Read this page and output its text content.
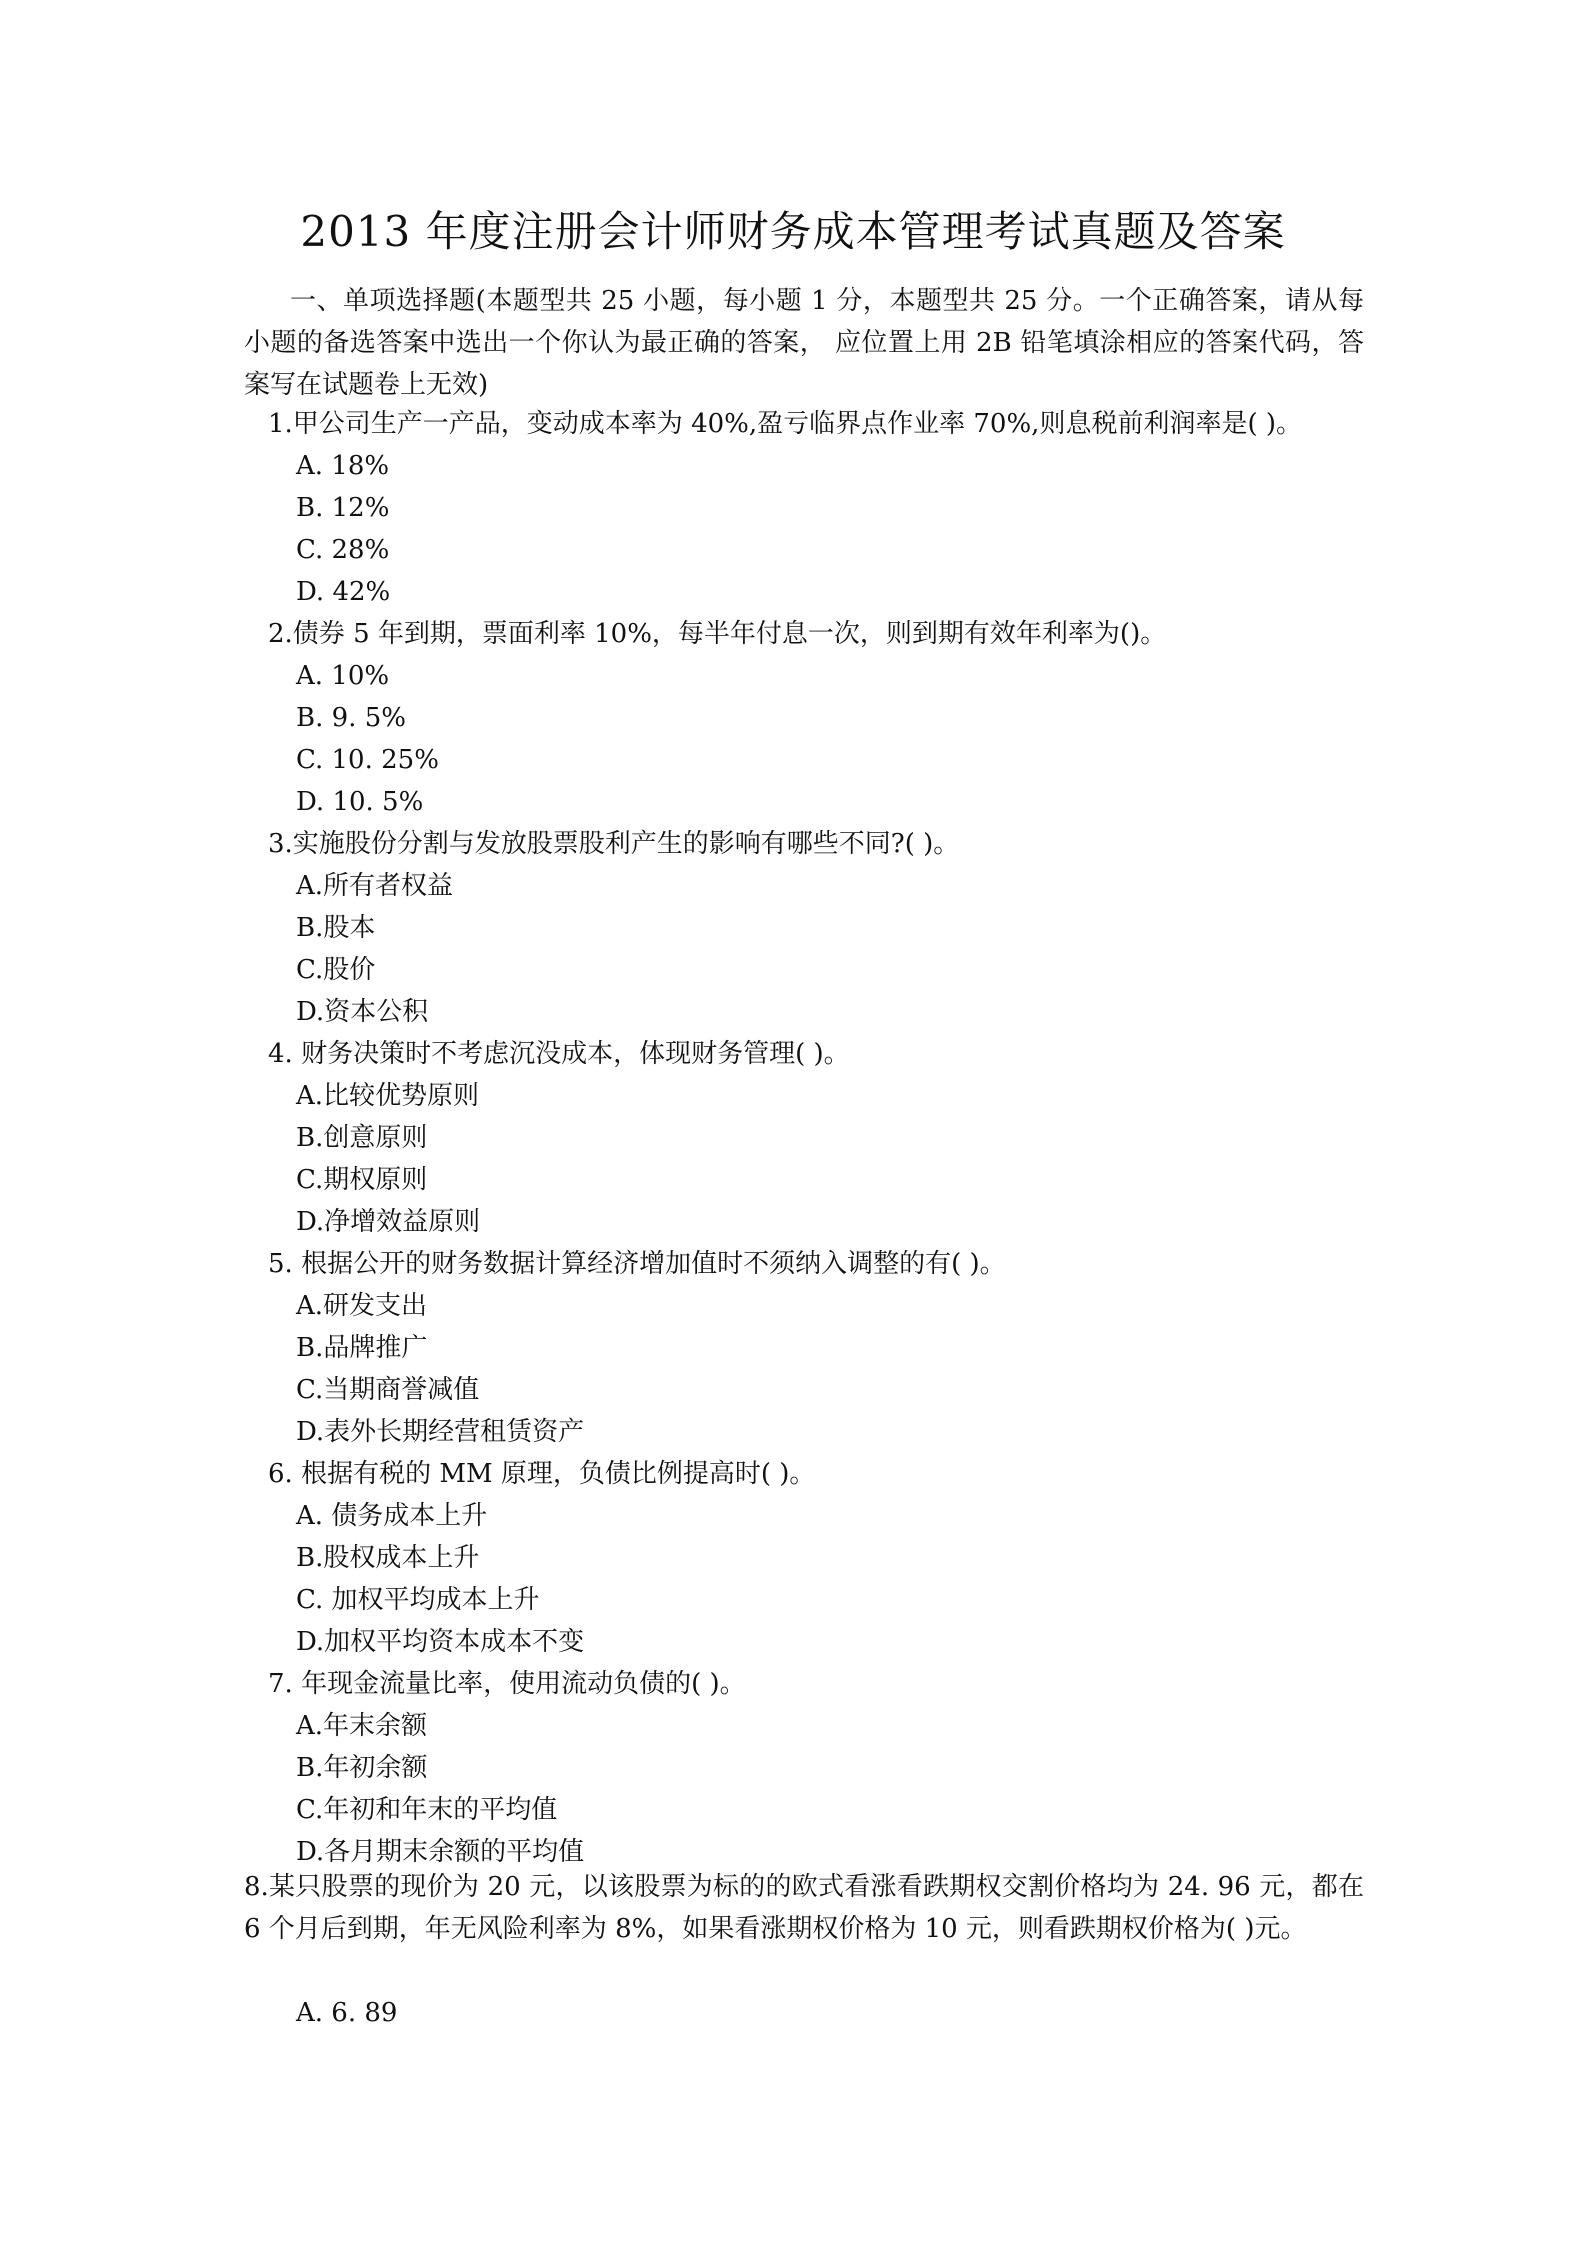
2013 年度注册会计师财务成本管理考试真题及答案

一、单项选择题(本题型共 25 小题，每小题 1 分，本题型共 25 分。一个正确答案，请从每小题的备选答案中选出一个你认为最正确的答案， 应位置上用 2B 铅笔填涂相应的答案代码，答案写在试题卷上无效)

1.甲公司生产一产品，变动成本率为 40%,盈亏临界点作业率 70%,则息税前利润率是( )。
A. 18%
B. 12%
C. 28%
D. 42%
2.债券 5 年到期，票面利率 10%，每半年付息一次，则到期有效年利率为()。
A. 10%
B. 9. 5%
C. 10. 25%
D. 10. 5%
3.实施股份分割与发放股票股利产生的影响有哪些不同?( )。
A.所有者权益
B.股本
C.股价
D.资本公积
4. 财务决策时不考虑沉没成本，体现财务管理( )。
A.比较优势原则
B.创意原则
C.期权原则
D.净增效益原则
5. 根据公开的财务数据计算经济增加值时不须纳入调整的有( )。
A.研发支出
B.品牌推广
C.当期商誉减值
D.表外长期经营租赁资产
6. 根据有税的 MM 原理，负债比例提高时( )。
A. 债务成本上升
B.股权成本上升
C. 加权平均成本上升
D.加权平均资本成本不变
7. 年现金流量比率，使用流动负债的( )。
A.年末余额
B.年初余额
C.年初和年末的平均值
D.各月期末余额的平均值

8.某只股票的现价为 20 元，以该股票为标的的欧式看涨看跌期权交割价格均为 24. 96 元，都在 6 个月后到期，年无风险利率为 8%，如果看涨期权价格为 10 元，则看跌期权价格为( )元。

A. 6. 89
